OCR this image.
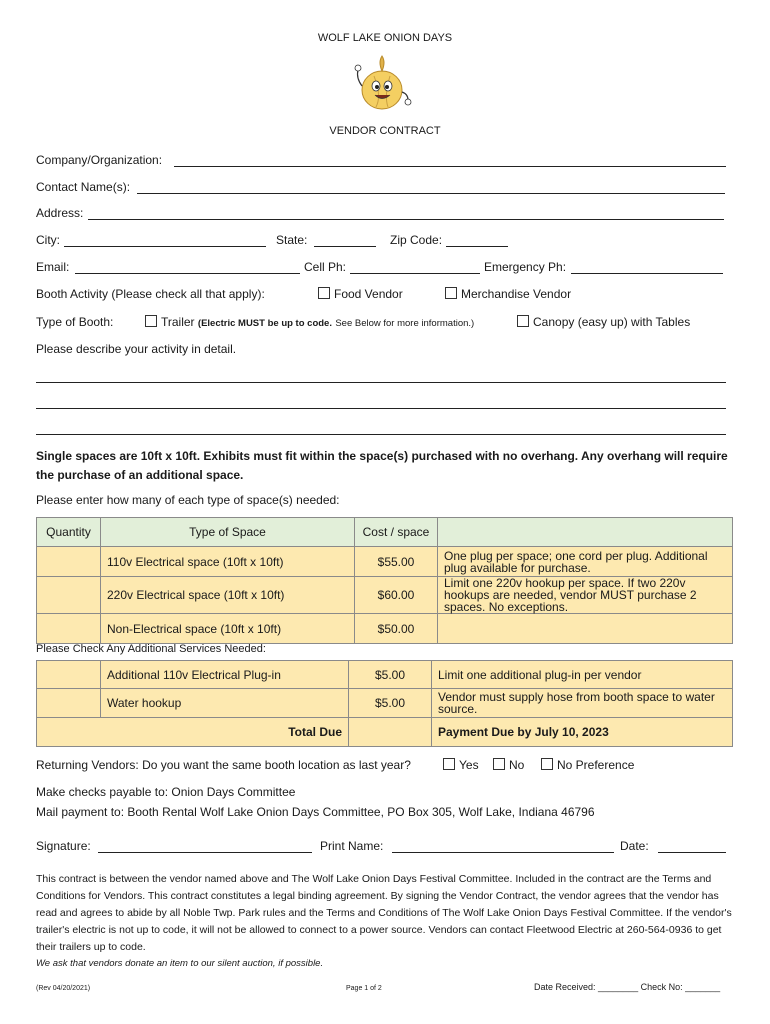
WOLF LAKE ONION DAYS
VENDOR CONTRACT
Company/Organization:
Contact Name(s):
Address:
City:	State:	Zip Code:
Email:	Cell Ph:	Emergency Ph:
Booth Activity (Please check all that apply):	Food Vendor	Merchandise Vendor
Type of Booth:	Trailer (Electric MUST be up to code. See Below for more information.)	Canopy (easy up) with Tables
Please describe your activity in detail.
Single spaces are 10ft x 10ft. Exhibits must fit within the space(s) purchased with no overhang. Any overhang will require the purchase of an additional space.
Please enter how many of each type of space(s) needed:
Quantity	Type of Space	Cost / space	
	110v Electrical space (10ft x 10ft)	$55.00	One plug per space; one cord per plug. Additional plug available for purchase.
	220v Electrical space (10ft x 10ft)	$60.00	Limit one 220v hookup per space. If two 220v hookups are needed, vendor MUST purchase 2 spaces. No exceptions.
	Non-Electrical space (10ft x 10ft)	$50.00	
Please Check Any Additional Services Needed:
	Additional 110v Electrical Plug-in	$5.00	Limit one additional plug-in per vendor
	Water hookup	$5.00	Vendor must supply hose from booth space to water source.
Total Due			Payment Due by July 10, 2023
Returning Vendors: Do you want the same booth location as last year?	Yes	No	No Preference
Make checks payable to: Onion Days Committee
Mail payment to: Booth Rental Wolf Lake Onion Days Committee, PO Box 305, Wolf Lake, Indiana 46796
Signature:	Print Name:	Date:
This contract is between the vendor named above and The Wolf Lake Onion Days Festival Committee. Included in the contract are the Terms and Conditions for Vendors. This contract constitutes a legal binding agreement. By signing the Vendor Contract, the vendor agrees that the vendor has read and agrees to abide by all Noble Twp. Park rules and the Terms and Conditions of The Wolf Lake Onion Days Festival Committee. If the vendor's trailer's electric is not up to code, it will not be allowed to connect to a power source. Vendors can contact Fleetwood Electric at 260-564-0936 to get their trailers up to code.
We ask that vendors donate an item to our silent auction, if possible.
(Rev 04/20/2021)	Page 1 of 2	Date Received: ________ Check No: _______
